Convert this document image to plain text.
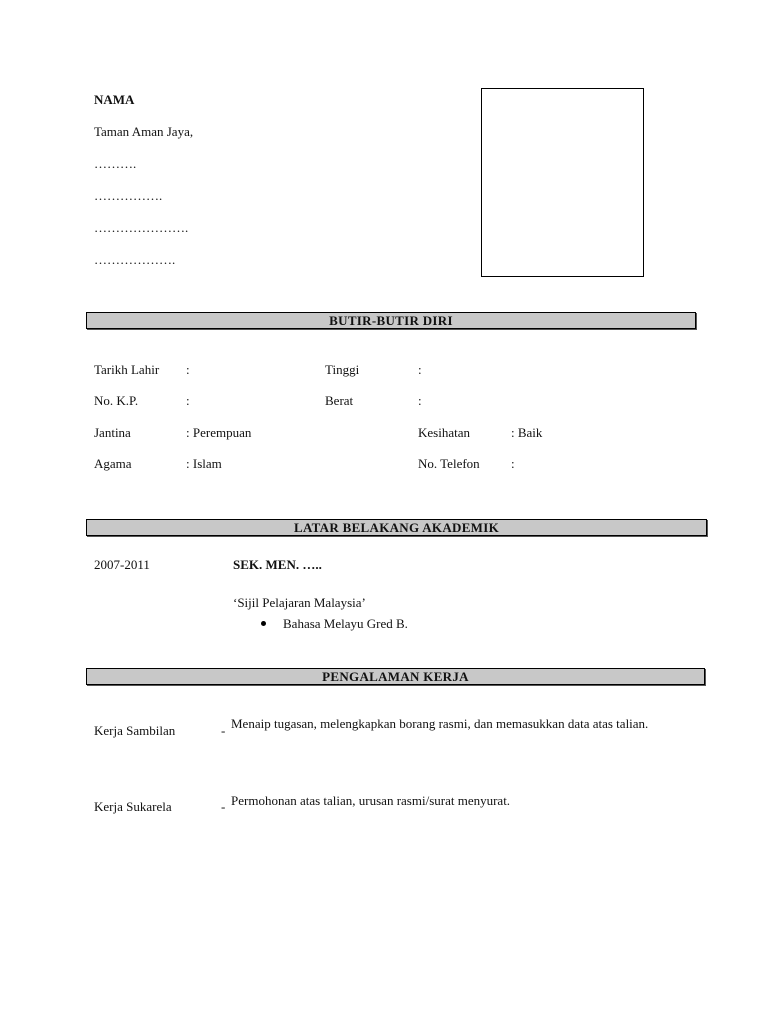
NAMA
Taman Aman Jaya,
……….
…………….
………………….
……………….
BUTIR-BUTIR DIRI
Tarikh Lahir :	Tinggi	:
No. K.P.	:	Berat	:
Jantina	: Perempuan	Kesihatan	: Baik
Agama	: Islam	No. Telefon :
LATAR BELAKANG AKADEMIK
2007-2011	SEK. MEN. …..
‘Sijil Pelajaran Malaysia’
Bahasa Melayu Gred B.
PENGALAMAN KERJA
Kerja Sambilan	- Menaip tugasan, melengkapkan borang rasmi, dan memasukkan data atas talian.
Kerja Sukarela	- Permohonan atas talian, urusan rasmi/surat menyurat.
